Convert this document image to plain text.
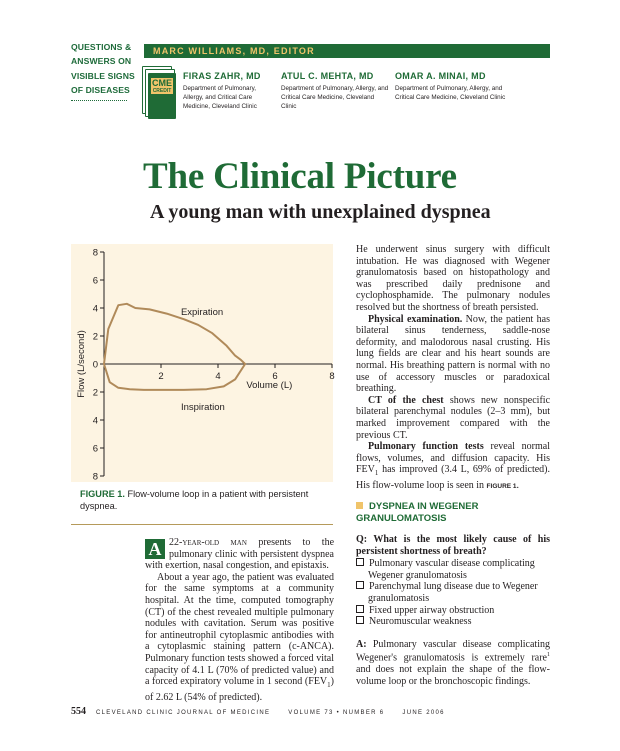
QUESTIONS &
ANSWERS ON
VISIBLE SIGNS
OF DISEASES
MARC WILLIAMS, MD, EDITOR
CME
CREDIT
FIRAS ZAHR, MD
Department of Pulmonary, Allergy, and Critical Care Medicine, Cleveland Clinic
ATUL C. MEHTA, MD
Department of Pulmonary, Allergy, and Critical Care Medicine, Cleveland Clinic
OMAR A. MINAI, MD
Department of Pulmonary, Allergy, and Critical Care Medicine, Cleveland Clinic
The Clinical Picture
A young man with unexplained dyspnea
8
6
4
2
0
2
4
6
8
2	4	6	8
Volume (L)
Flow (L/second)
Expiration
Inspiration
FIGURE 1. Flow-volume loop in a patient with persistent dyspnea.

A 22-year-old man presents to the pulmonary clinic with persistent dyspnea with exertion, nasal congestion, and epistaxis.

About a year ago, the patient was evaluated for the same symptoms at a community hospital. At the time, computed tomography (CT) of the chest revealed multiple pulmonary nodules with cavitation. Serum was positive for antineutrophil cytoplasmic antibodies with a cytoplasmic staining pattern (c-ANCA). Pulmonary function tests showed a forced vital capacity of 4.1 L (70% of predicted value) and a forced expiratory volume in 1 second $(FEV_1)$ of 2.62 L (54% of predicted).

He underwent sinus surgery with difficult intubation. He was diagnosed with Wegener granulomatosis based on histopathology and was prescribed daily prednisone and cyclophosphamide. The pulmonary nodules resolved but the shortness of breath persisted.

Physical examination. Now, the patient has bilateral sinus tenderness, saddle-nose deformity, and malodorous nasal crusting. His lung fields are clear and his heart sounds are normal. His breathing pattern is normal with no use of accessory muscles or paradoxical breathing.

CT of the chest shows new nonspecific bilateral parenchymal nodules (2–3 mm), but marked improvement compared with the previous CT.

Pulmonary function tests reveal normal flows, volumes, and diffusion capacity. His $FEV_1$ has improved (3.4 L, 69% of predicted). His flow-volume loop is seen in FIGURE 1.

DYSPNEA IN WEGENER GRANULOMATOSIS

Q: What is the most likely cause of his persistent shortness of breath?

Pulmonary vascular disease complicating Wegener granulomatosis
Parenchymal lung disease due to Wegener granulomatosis
Fixed upper airway obstruction
Neuromuscular weakness

A: Pulmonary vascular disease complicating Wegener's granulomatosis is extremely rare$^1$ and does not explain the shape of the flow-volume loop or the bronchoscopic findings.

554 CLEVELAND CLINIC JOURNAL OF MEDICINE	VOLUME 73 • NUMBER 6	JUNE 2006
